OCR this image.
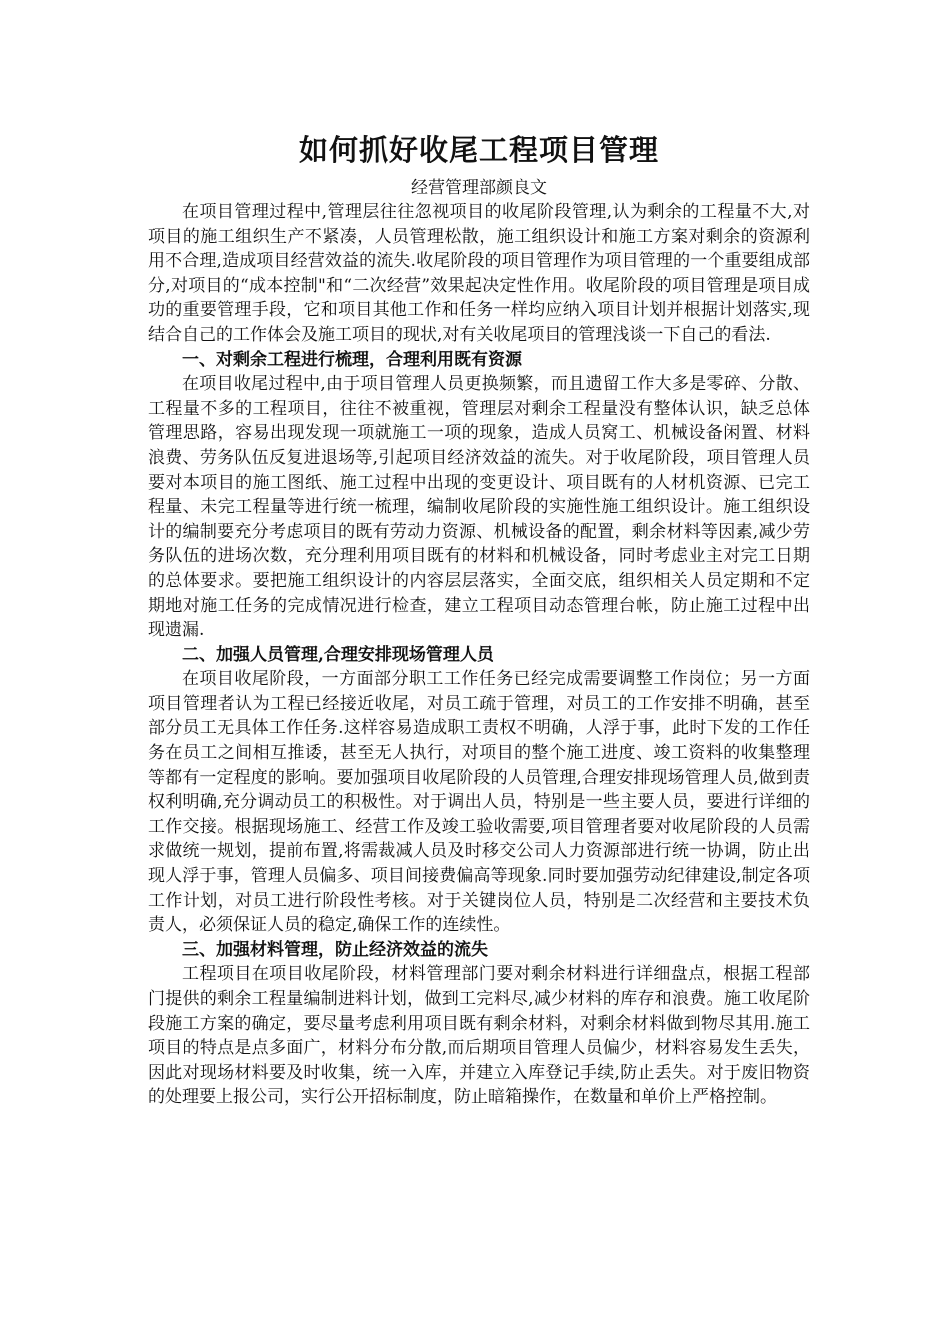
如何抓好收尾工程项目管理

经营管理部颜良文

在项目管理过程中,管理层往往忽视项目的收尾阶段管理,认为剩余的工程量不大,对项目的施工组织生产不紧凑，人员管理松散，施工组织设计和施工方案对剩余的资源利用不合理,造成项目经营效益的流失.收尾阶段的项目管理作为项目管理的一个重要组成部分,对项目的“成本控制"和“二次经营”效果起决定性作用。收尾阶段的项目管理是项目成功的重要管理手段，它和项目其他工作和任务一样均应纳入项目计划并根据计划落实,现结合自己的工作体会及施工项目的现状,对有关收尾项目的管理浅谈一下自己的看法.

一、对剩余工程进行梳理，合理利用既有资源

在项目收尾过程中,由于项目管理人员更换频繁，而且遗留工作大多是零碎、分散、工程量不多的工程项目，往往不被重视，管理层对剩余工程量没有整体认识，缺乏总体管理思路，容易出现发现一项就施工一项的现象，造成人员窝工、机械设备闲置、材料浪费、劳务队伍反复进退场等,引起项目经济效益的流失。对于收尾阶段，项目管理人员要对本项目的施工图纸、施工过程中出现的变更设计、项目既有的人材机资源、已完工程量、未完工程量等进行统一梳理，编制收尾阶段的实施性施工组织设计。施工组织设计的编制要充分考虑项目的既有劳动力资源、机械设备的配置，剩余材料等因素,减少劳务队伍的进场次数，充分理利用项目既有的材料和机械设备，同时考虑业主对完工日期的总体要求。要把施工组织设计的内容层层落实，全面交底，组织相关人员定期和不定期地对施工任务的完成情况进行检查，建立工程项目动态管理台帐，防止施工过程中出现遗漏.

二、加强人员管理,合理安排现场管理人员

在项目收尾阶段，一方面部分职工工作任务已经完成需要调整工作岗位；另一方面项目管理者认为工程已经接近收尾，对员工疏于管理，对员工的工作安排不明确，甚至部分员工无具体工作任务.这样容易造成职工责权不明确，人浮于事，此时下发的工作任务在员工之间相互推诿，甚至无人执行，对项目的整个施工进度、竣工资料的收集整理等都有一定程度的影响。要加强项目收尾阶段的人员管理,合理安排现场管理人员,做到责权利明确,充分调动员工的积极性。对于调出人员，特别是一些主要人员，要进行详细的工作交接。根据现场施工、经营工作及竣工验收需要,项目管理者要对收尾阶段的人员需求做统一规划，提前布置,将需裁减人员及时移交公司人力资源部进行统一协调，防止出现人浮于事，管理人员偏多、项目间接费偏高等现象.同时要加强劳动纪律建设,制定各项工作计划，对员工进行阶段性考核。对于关键岗位人员，特别是二次经营和主要技术负责人，必须保证人员的稳定,确保工作的连续性。

三、加强材料管理，防止经济效益的流失

工程项目在项目收尾阶段，材料管理部门要对剩余材料进行详细盘点，根据工程部门提供的剩余工程量编制进料计划，做到工完料尽,减少材料的库存和浪费。施工收尾阶段施工方案的确定，要尽量考虑利用项目既有剩余材料，对剩余材料做到物尽其用.施工项目的特点是点多面广，材料分布分散,而后期项目管理人员偏少，材料容易发生丢失，因此对现场材料要及时收集，统一入库，并建立入库登记手续,防止丢失。对于废旧物资的处理要上报公司，实行公开招标制度，防止暗箱操作，在数量和单价上严格控制。
